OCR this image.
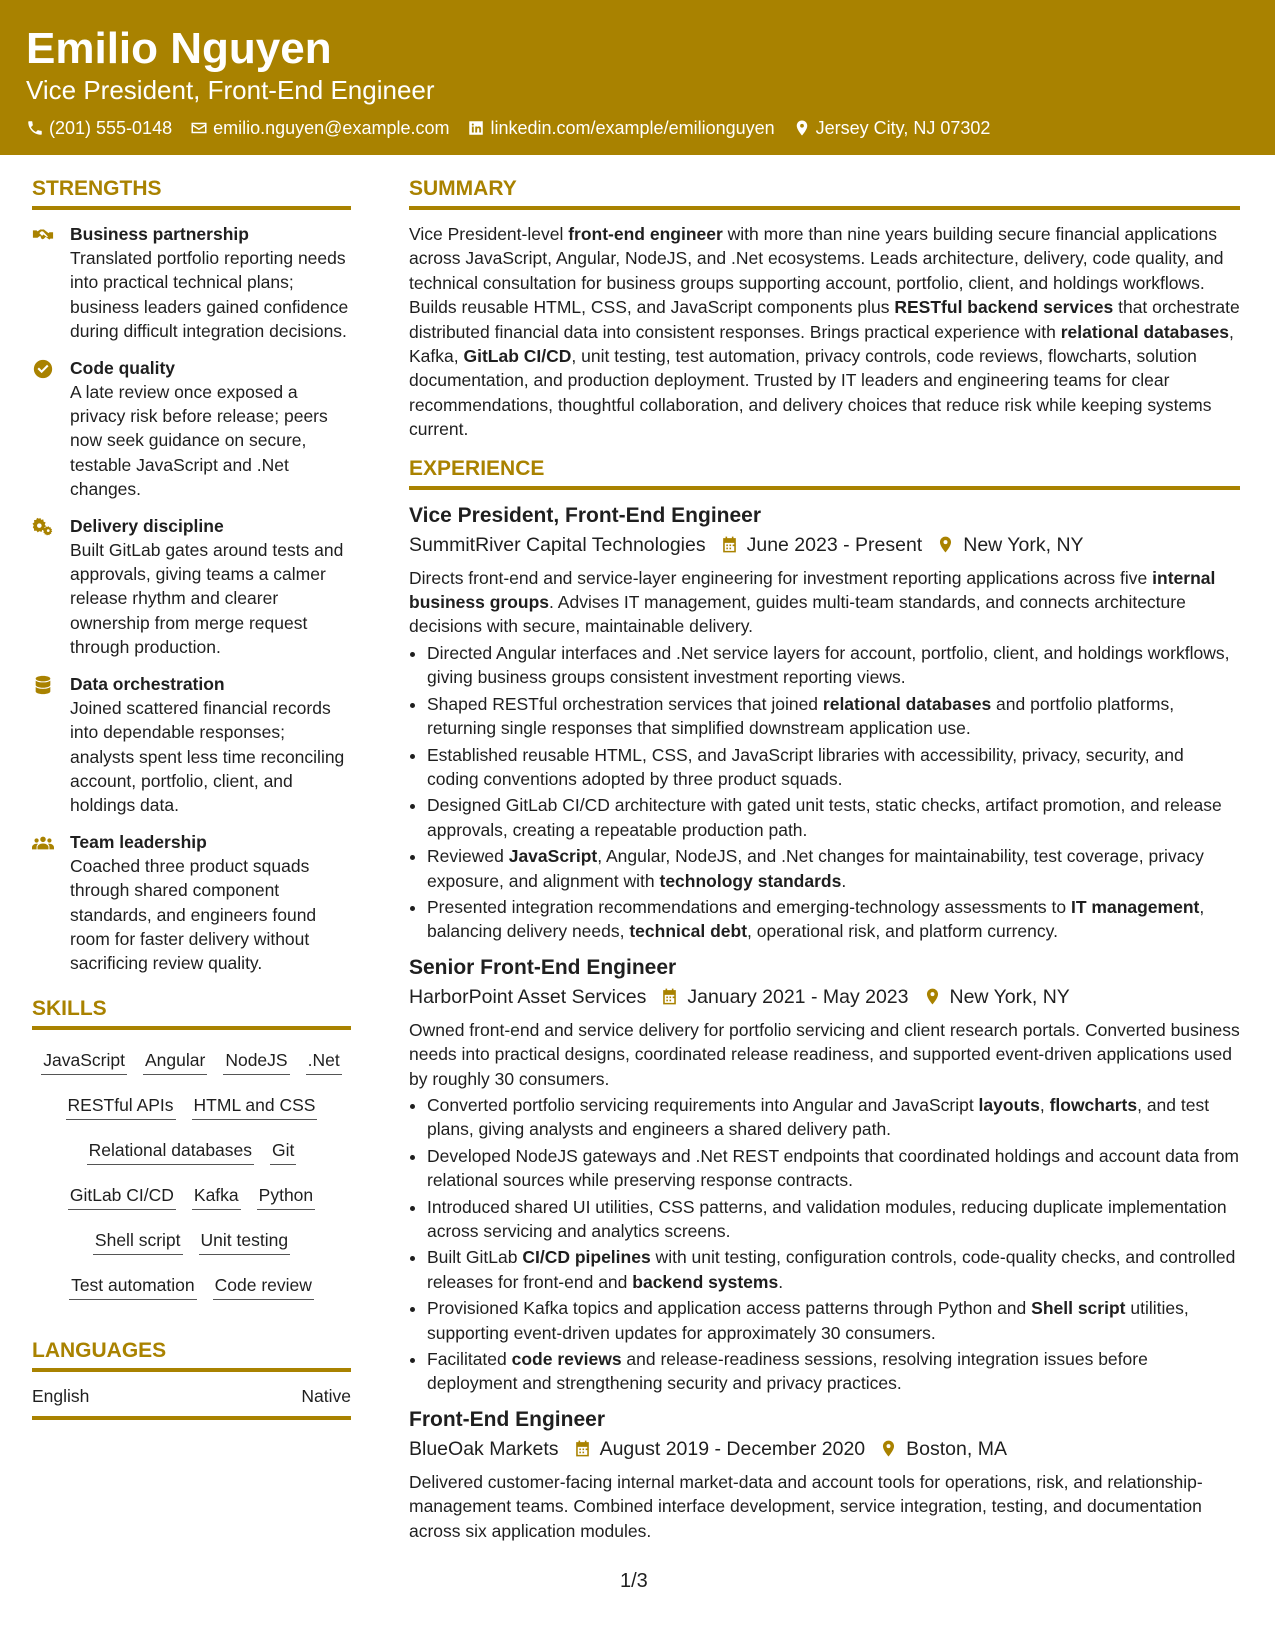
Emilio Nguyen
Vice President, Front-End Engineer
(201) 555-0148 emilio.nguyen@example.com linkedin.com/example/emilionguyen Jersey City, NJ 07302
STRENGTHS
Business partnership
Translated portfolio reporting needs into practical technical plans; business leaders gained confidence during difficult integration decisions.
Code quality
A late review once exposed a privacy risk before release; peers now seek guidance on secure, testable JavaScript and .Net changes.
Delivery discipline
Built GitLab gates around tests and approvals, giving teams a calmer release rhythm and clearer ownership from merge request through production.
Data orchestration
Joined scattered financial records into dependable responses; analysts spent less time reconciling account, portfolio, client, and holdings data.
Team leadership
Coached three product squads through shared component standards, and engineers found room for faster delivery without sacrificing review quality.
SKILLS
JavaScript Angular NodeJS .Net
RESTful APIs HTML and CSS
Relational databases Git
GitLab CI/CD Kafka Python
Shell script Unit testing
Test automation Code review
LANGUAGES
English	Native
SUMMARY

Vice President-level front-end engineer with more than nine years building secure financial applications across JavaScript, Angular, NodeJS, and .Net ecosystems. Leads architecture, delivery, code quality, and technical consultation for business groups supporting account, portfolio, client, and holdings workflows. Builds reusable HTML, CSS, and JavaScript components plus RESTful backend services that orchestrate distributed financial data into consistent responses. Brings practical experience with relational databases, Kafka, GitLab CI/CD, unit testing, test automation, privacy controls, code reviews, flowcharts, solution documentation, and production deployment. Trusted by IT leaders and engineering teams for clear recommendations, thoughtful collaboration, and delivery choices that reduce risk while keeping systems current.

EXPERIENCE
Vice President, Front-End Engineer
SummitRiver Capital Technologies June 2023 - Present New York, NY
Directs front-end and service-layer engineering for investment reporting applications across five internal business groups. Advises IT management, guides multi-team standards, and connects architecture decisions with secure, maintainable delivery.
• Directed Angular interfaces and .Net service layers for account, portfolio, client, and holdings workflows, giving business groups consistent investment reporting views.
• Shaped RESTful orchestration services that joined relational databases and portfolio platforms, returning single responses that simplified downstream application use.
• Established reusable HTML, CSS, and JavaScript libraries with accessibility, privacy, security, and coding conventions adopted by three product squads.
• Designed GitLab CI/CD architecture with gated unit tests, static checks, artifact promotion, and release approvals, creating a repeatable production path.
• Reviewed JavaScript, Angular, NodeJS, and .Net changes for maintainability, test coverage, privacy exposure, and alignment with technology standards.
• Presented integration recommendations and emerging-technology assessments to IT management, balancing delivery needs, technical debt, operational risk, and platform currency.
Senior Front-End Engineer
HarborPoint Asset Services January 2021 - May 2023 New York, NY
Owned front-end and service delivery for portfolio servicing and client research portals. Converted business needs into practical designs, coordinated release readiness, and supported event-driven applications used by roughly 30 consumers.
• Converted portfolio servicing requirements into Angular and JavaScript layouts, flowcharts, and test plans, giving analysts and engineers a shared delivery path.
• Developed NodeJS gateways and .Net REST endpoints that coordinated holdings and account data from relational sources while preserving response contracts.
• Introduced shared UI utilities, CSS patterns, and validation modules, reducing duplicate implementation across servicing and analytics screens.
• Built GitLab CI/CD pipelines with unit testing, configuration controls, code-quality checks, and controlled releases for front-end and backend systems.
• Provisioned Kafka topics and application access patterns through Python and Shell script utilities, supporting event-driven updates for approximately 30 consumers.
• Facilitated code reviews and release-readiness sessions, resolving integration issues before deployment and strengthening security and privacy practices.
Front-End Engineer
BlueOak Markets August 2019 - December 2020 Boston, MA
Delivered customer-facing internal market-data and account tools for operations, risk, and relationship-management teams. Combined interface development, service integration, testing, and documentation across six application modules.
1/3
